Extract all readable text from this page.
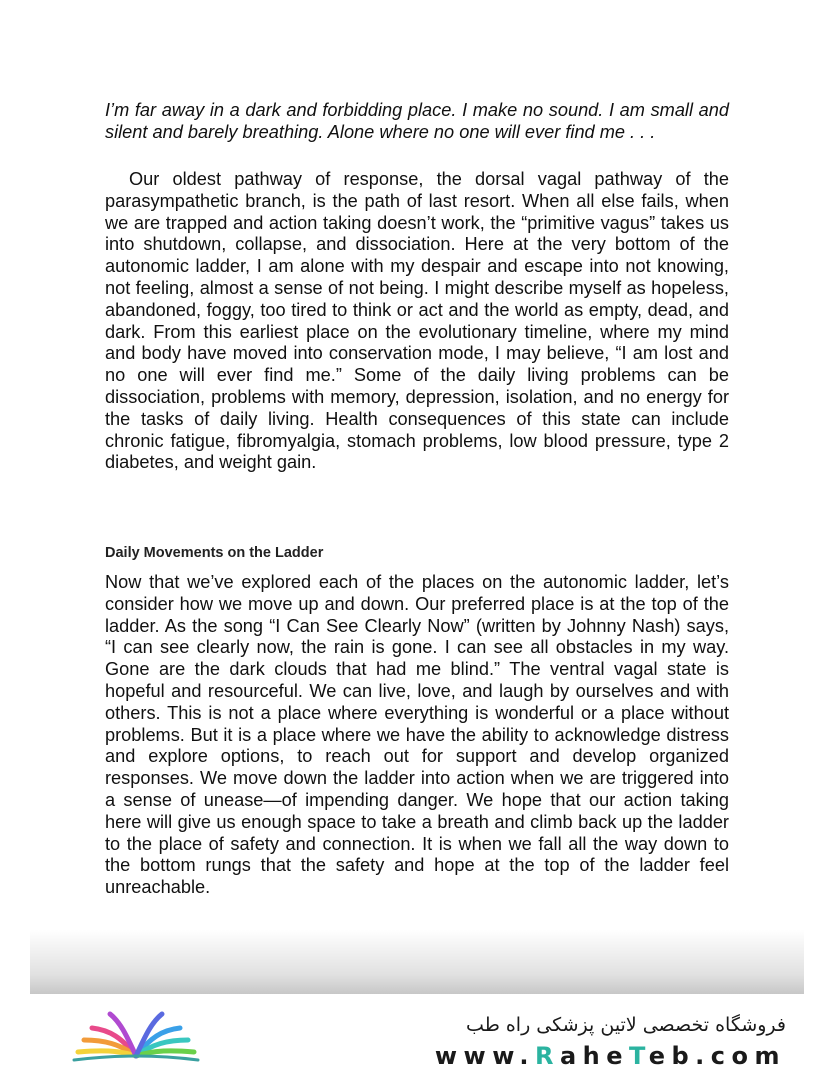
I’m far away in a dark and forbidding place. I make no sound. I am small and silent and barely breathing. Alone where no one will ever find me . . .

Our oldest pathway of response, the dorsal vagal pathway of the parasympathetic branch, is the path of last resort. When all else fails, when we are trapped and action taking doesn’t work, the “primitive vagus” takes us into shutdown, collapse, and dissociation. Here at the very bottom of the autonomic ladder, I am alone with my despair and escape into not knowing, not feeling, almost a sense of not being. I might describe myself as hopeless, abandoned, foggy, too tired to think or act and the world as empty, dead, and dark. From this earliest place on the evolutionary timeline, where my mind and body have moved into conservation mode, I may believe, “I am lost and no one will ever find me.” Some of the daily living problems can be dissociation, problems with memory, depression, isolation, and no energy for the tasks of daily living. Health consequences of this state can include chronic fatigue, fibromyalgia, stomach problems, low blood pressure, type 2 diabetes, and weight gain.

Daily Movements on the Ladder

Now that we’ve explored each of the places on the autonomic ladder, let’s consider how we move up and down. Our preferred place is at the top of the ladder. As the song “I Can See Clearly Now” (written by Johnny Nash) says, “I can see clearly now, the rain is gone. I can see all obstacles in my way. Gone are the dark clouds that had me blind.” The ventral vagal state is hopeful and resourceful. We can live, love, and laugh by ourselves and with others. This is not a place where everything is wonderful or a place without problems. But it is a place where we have the ability to acknowledge distress and explore options, to reach out for support and develop organized responses. We move down the ladder into action when we are triggered into a sense of unease—of impending danger. We hope that our action taking here will give us enough space to take a breath and climb back up the ladder to the place of safety and connection. It is when we fall all the way down to the bottom rungs that the safety and hope at the top of the ladder feel unreachable.

فروشگاه تخصصی لاتین پزشکی راه طب
www.RaheTeb.com
